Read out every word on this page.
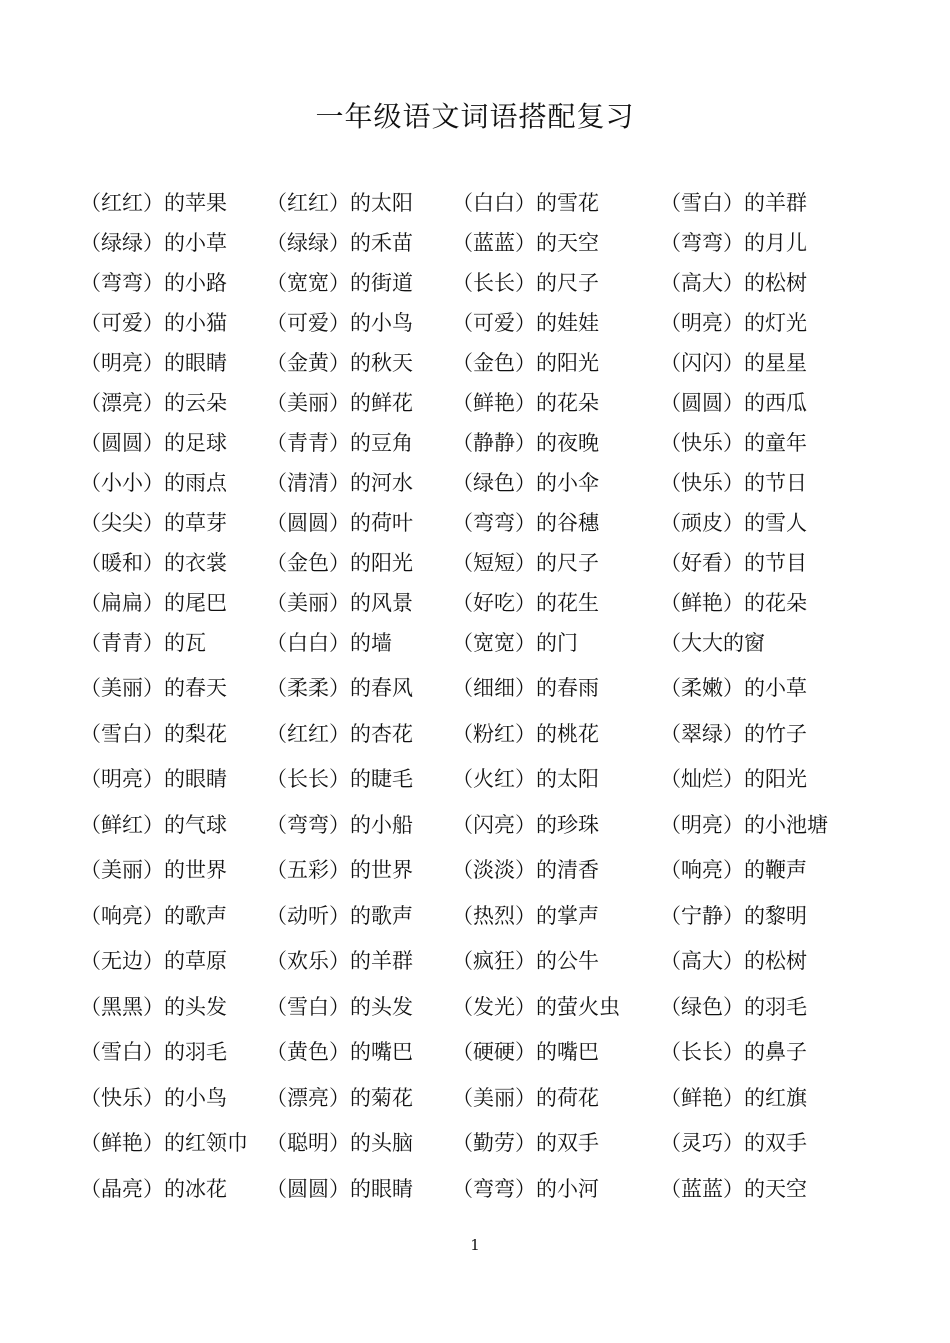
一年级语文词语搭配复习
（红红）的苹果 （红红）的太阳 （白白）的雪花	（雪白）的羊群
（绿绿）的小草 （绿绿）的禾苗 （蓝蓝）的天空	（弯弯）的月儿
（弯弯）的小路 （宽宽）的街道 （长长）的尺子	（高大）的松树
（可爱）的小猫 （可爱）的小鸟 （可爱）的娃娃	（明亮）的灯光
（明亮）的眼睛 （金黄）的秋天 （金色）的阳光	（闪闪）的星星
（漂亮）的云朵 （美丽）的鲜花 （鲜艳）的花朵	（圆圆）的西瓜
（圆圆）的足球 （青青）的豆角 （静静）的夜晚	（快乐）的童年
（小小）的雨点 （清清）的河水 （绿色）的小伞	（快乐）的节日
（尖尖）的草芽 （圆圆）的荷叶 （弯弯）的谷穗	（顽皮）的雪人
（暖和）的衣裳 （金色）的阳光 （短短）的尺子	（好看）的节目
（扁扁）的尾巴 （美丽）的风景 （好吃）的花生	（鲜艳）的花朵
（青青）的瓦	（白白）的墙	（宽宽）的门	（大大的窗
（美丽）的春天 （柔柔）的春风 （细细）的春雨	（柔嫩）的小草
（雪白）的梨花 （红红）的杏花 （粉红）的桃花	（翠绿）的竹子
（明亮）的眼睛 （长长）的睫毛 （火红）的太阳	（灿烂）的阳光
（鲜红）的气球 （弯弯）的小船 （闪亮）的珍珠	（明亮）的小池塘
（美丽）的世界 （五彩）的世界 （淡淡）的清香	（响亮）的鞭声
（响亮）的歌声 （动听）的歌声 （热烈）的掌声	（宁静）的黎明
（无边）的草原 （欢乐）的羊群 （疯狂）的公牛	（高大）的松树
（黑黑）的头发 （雪白）的头发 （发光）的萤火虫 （绿色）的羽毛
（雪白）的羽毛 （黄色）的嘴巴 （硬硬）的嘴巴	（长长）的鼻子
（快乐）的小鸟 （漂亮）的菊花 （美丽）的荷花	（鲜艳）的红旗
（鲜艳）的红领巾 （聪明）的头脑 （勤劳）的双手	（灵巧）的双手
（晶亮）的冰花 （圆圆）的眼睛 （弯弯）的小河	（蓝蓝）的天空
1
